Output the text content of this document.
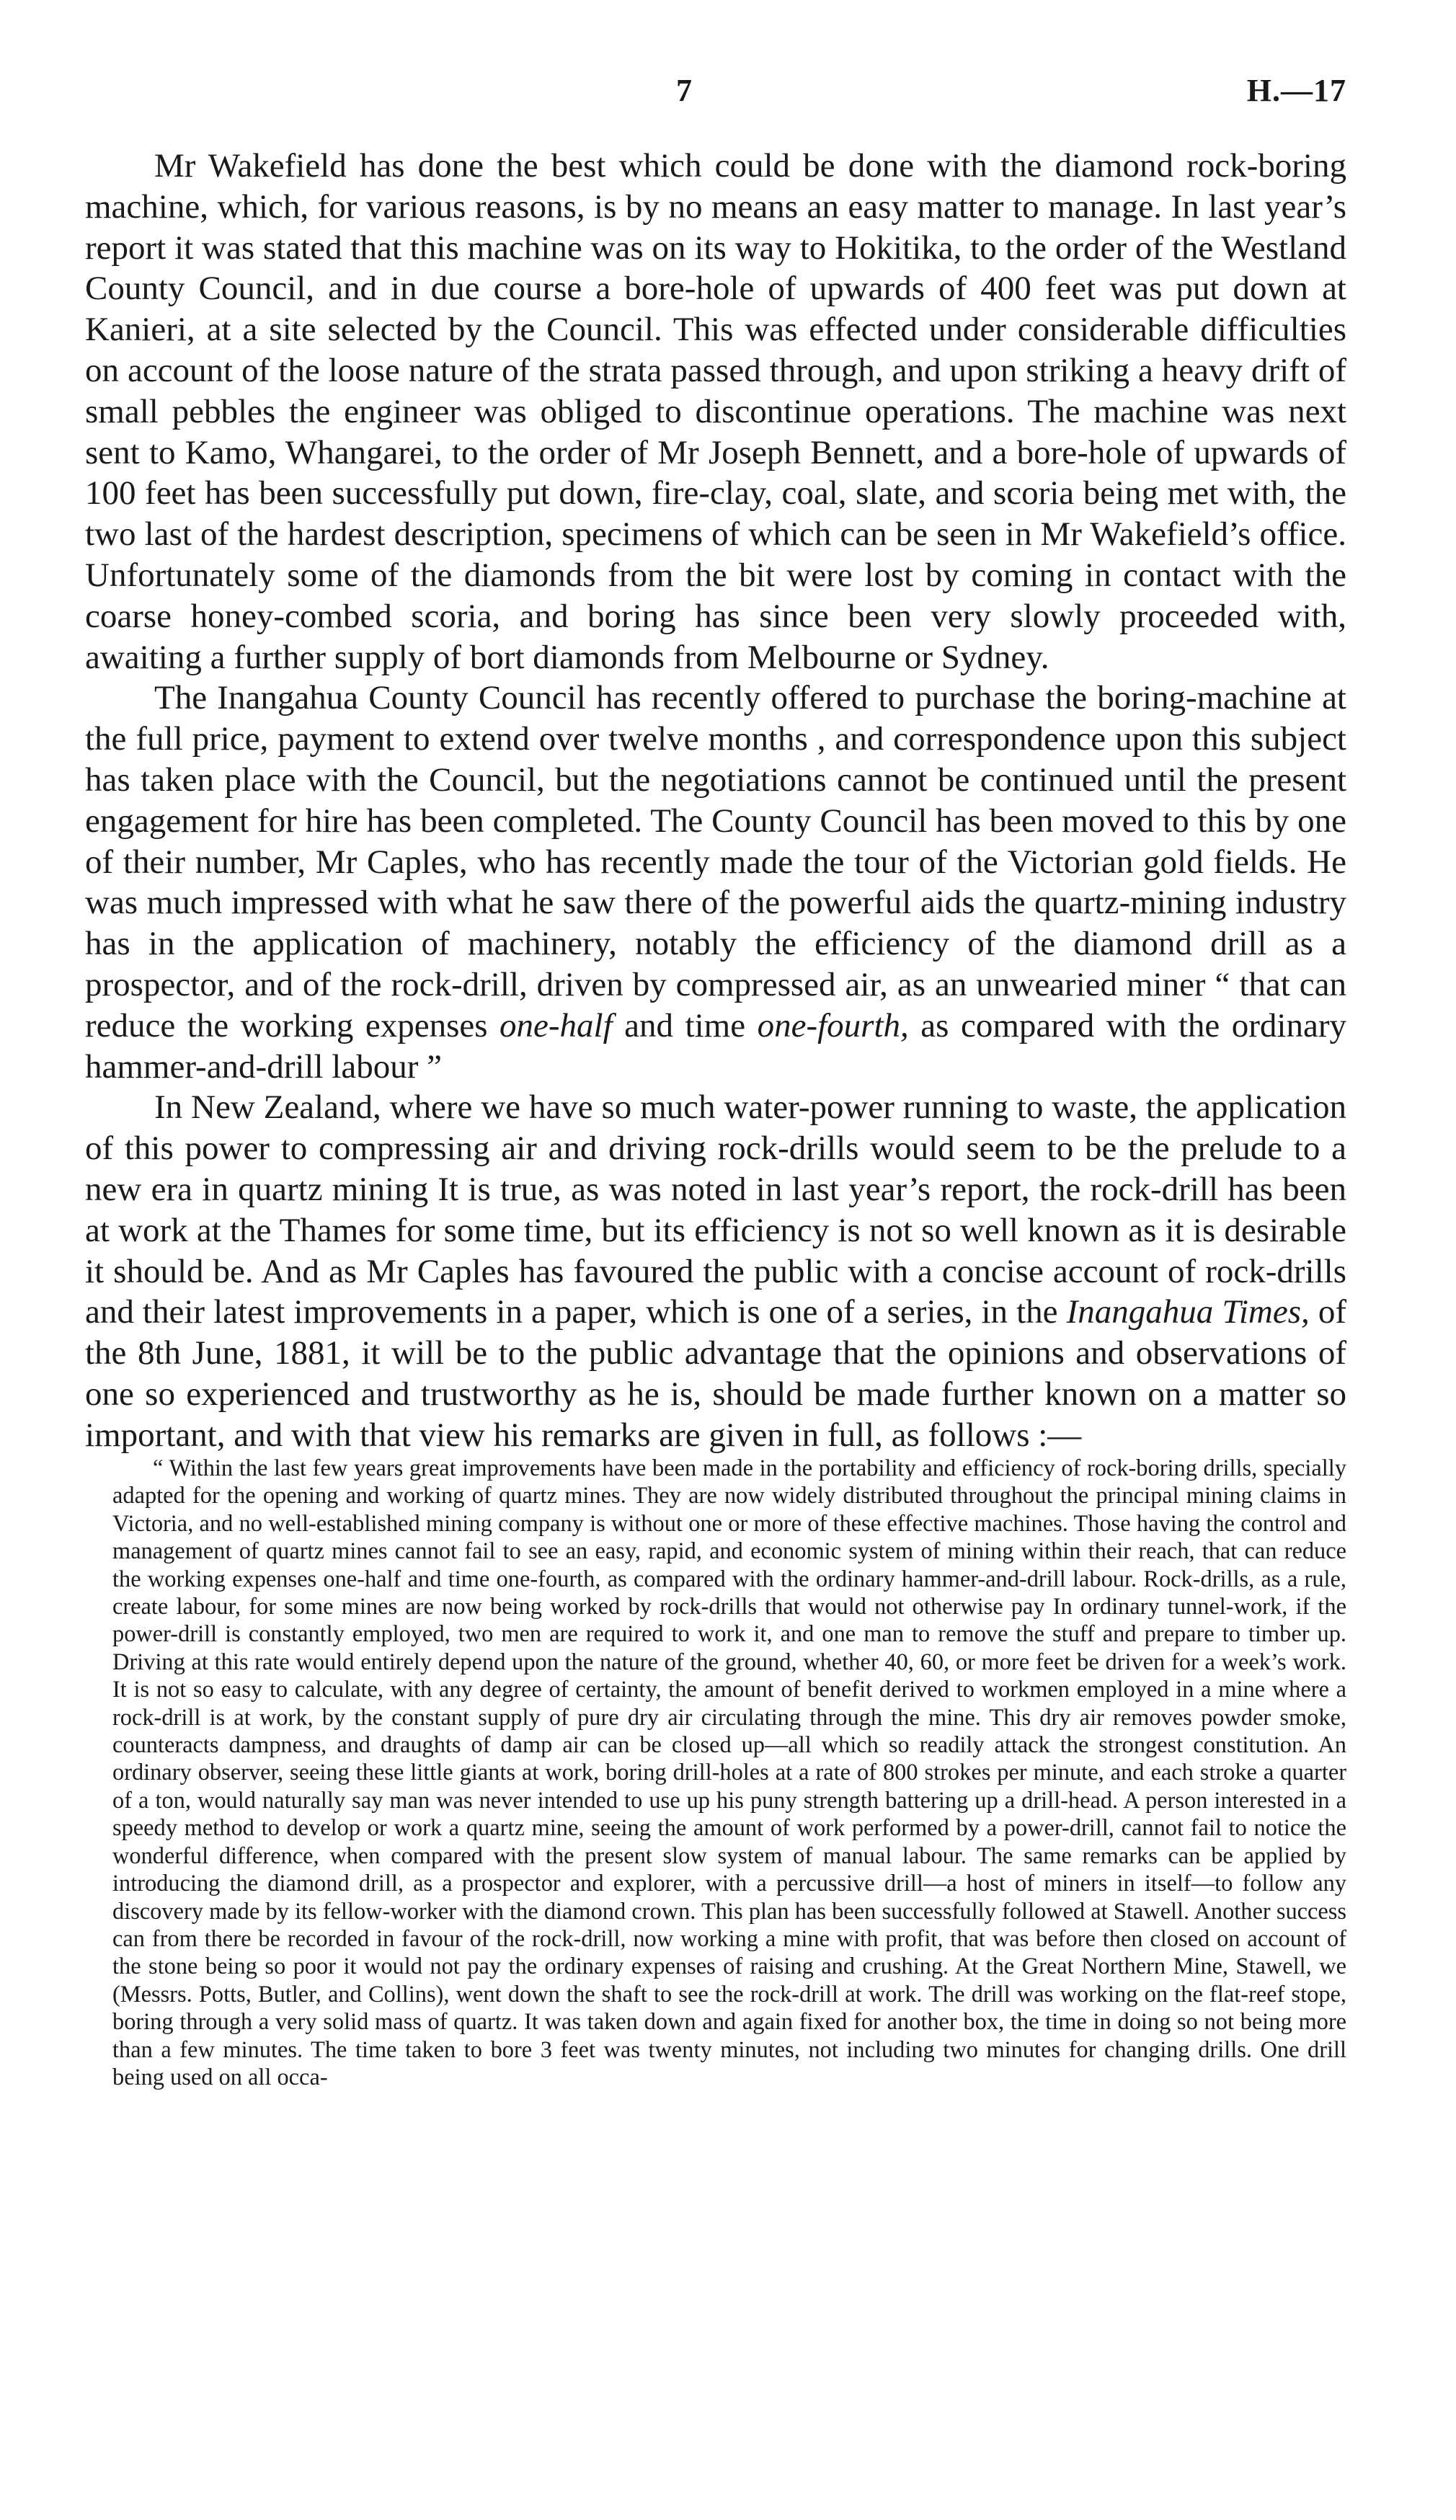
7	H.—17

Mr Wakefield has done the best which could be done with the diamond rock-boring machine, which, for various reasons, is by no means an easy matter to manage. In last year’s report it was stated that this machine was on its way to Hokitika, to the order of the Westland County Council, and in due course a bore-hole of upwards of 400 feet was put down at Kanieri, at a site selected by the Council. This was effected under considerable difficulties on account of the loose nature of the strata passed through, and upon striking a heavy drift of small pebbles the engineer was obliged to discontinue operations. The machine was next sent to Kamo, Whangarei, to the order of Mr Joseph Bennett, and a bore-hole of upwards of 100 feet has been successfully put down, fire-clay, coal, slate, and scoria being met with, the two last of the hardest description, specimens of which can be seen in Mr Wakefield’s office. Unfortunately some of the diamonds from the bit were lost by coming in contact with the coarse honey-combed scoria, and boring has since been very slowly proceeded with, awaiting a further supply of bort diamonds from Melbourne or Sydney.

The Inangahua County Council has recently offered to purchase the boring-machine at the full price, payment to extend over twelve months , and correspondence upon this subject has taken place with the Council, but the negotiations cannot be continued until the present engagement for hire has been completed. The County Council has been moved to this by one of their number, Mr Caples, who has recently made the tour of the Victorian gold fields. He was much impressed with what he saw there of the powerful aids the quartz-mining industry has in the application of machinery, notably the efficiency of the diamond drill as a prospector, and of the rock-drill, driven by compressed air, as an unwearied miner “ that can reduce the working expenses one-half and time one-fourth, as compared with the ordinary hammer-and-drill labour ”

In New Zealand, where we have so much water-power running to waste, the application of this power to compressing air and driving rock-drills would seem to be the prelude to a new era in quartz mining It is true, as was noted in last year’s report, the rock-drill has been at work at the Thames for some time, but its efficiency is not so well known as it is desirable it should be. And as Mr Caples has favoured the public with a concise account of rock-drills and their latest improvements in a paper, which is one of a series, in the Inangahua Times, of the 8th June, 1881, it will be to the public advantage that the opinions and observations of one so experienced and trustworthy as he is, should be made further known on a matter so important, and with that view his remarks are given in full, as follows :—

“ Within the last few years great improvements have been made in the portability and efficiency of rock-boring drills, specially adapted for the opening and working of quartz mines. They are now widely distributed throughout the principal mining claims in Victoria, and no well-established mining company is without one or more of these effective machines. Those having the control and management of quartz mines cannot fail to see an easy, rapid, and economic system of mining within their reach, that can reduce the working expenses one-half and time one-fourth, as compared with the ordinary hammer-and-drill labour. Rock-drills, as a rule, create labour, for some mines are now being worked by rock-drills that would not otherwise pay In ordinary tunnel-work, if the power-drill is constantly employed, two men are required to work it, and one man to remove the stuff and prepare to timber up. Driving at this rate would entirely depend upon the nature of the ground, whether 40, 60, or more feet be driven for a week’s work. It is not so easy to calculate, with any degree of certainty, the amount of benefit derived to workmen employed in a mine where a rock-drill is at work, by the constant supply of pure dry air circulating through the mine. This dry air removes powder smoke, counteracts dampness, and draughts of damp air can be closed up—all which so readily attack the strongest constitution. An ordinary observer, seeing these little giants at work, boring drill-holes at a rate of 800 strokes per minute, and each stroke a quarter of a ton, would naturally say man was never intended to use up his puny strength battering up a drill-head. A person interested in a speedy method to develop or work a quartz mine, seeing the amount of work performed by a power-drill, cannot fail to notice the wonderful difference, when compared with the present slow system of manual labour. The same remarks can be applied by introducing the diamond drill, as a prospector and explorer, with a percussive drill—a host of miners in itself—to follow any discovery made by its fellow-worker with the diamond crown. This plan has been successfully followed at Stawell. Another success can from there be recorded in favour of the rock-drill, now working a mine with profit, that was before then closed on account of the stone being so poor it would not pay the ordinary expenses of raising and crushing. At the Great Northern Mine, Stawell, we (Messrs. Potts, Butler, and Collins), went down the shaft to see the rock-drill at work. The drill was working on the flat-reef stope, boring through a very solid mass of quartz. It was taken down and again fixed for another box, the time in doing so not being more than a few minutes. The time taken to bore 3 feet was twenty minutes, not including two minutes for changing drills. One drill being used on all occa-
